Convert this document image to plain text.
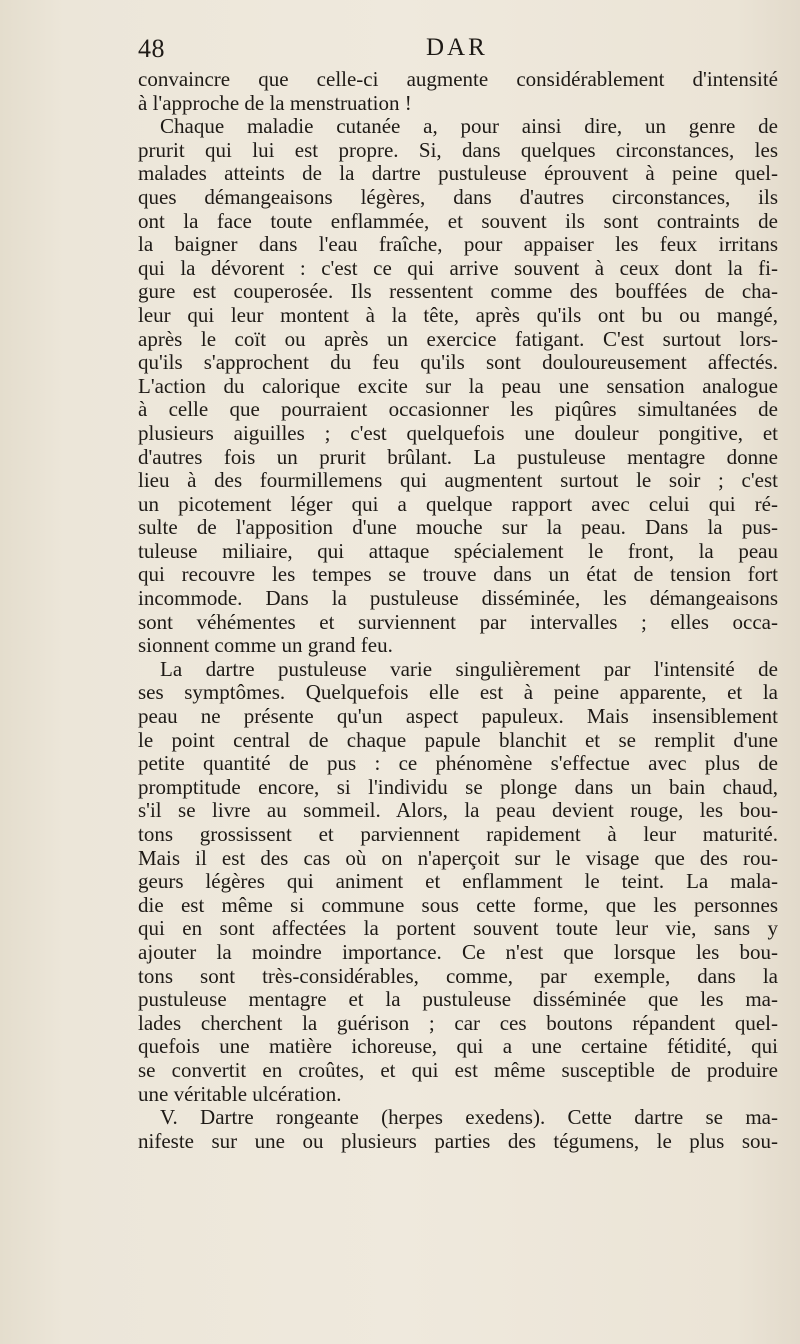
48	DAR
convaincre que celle-ci augmente considérablement d'intensité
à l'approche de la menstruation !
Chaque maladie cutanée a, pour ainsi dire, un genre de
prurit qui lui est propre. Si, dans quelques circonstances, les
malades atteints de la dartre pustuleuse éprouvent à peine quel-
ques démangeaisons légères, dans d'autres circonstances, ils
ont la face toute enflammée, et souvent ils sont contraints de
la baigner dans l'eau fraîche, pour appaiser les feux irritans
qui la dévorent : c'est ce qui arrive souvent à ceux dont la fi-
gure est couperosée. Ils ressentent comme des bouffées de cha-
leur qui leur montent à la tête, après qu'ils ont bu ou mangé,
après le coït ou après un exercice fatigant. C'est surtout lors-
qu'ils s'approchent du feu qu'ils sont douloureusement affectés.
L'action du calorique excite sur la peau une sensation analogue
à celle que pourraient occasionner les piqûres simultanées de
plusieurs aiguilles ; c'est quelquefois une douleur pongitive, et
d'autres fois un prurit brûlant. La pustuleuse mentagre donne
lieu à des fourmillemens qui augmentent surtout le soir ; c'est
un picotement léger qui a quelque rapport avec celui qui ré-
sulte de l'apposition d'une mouche sur la peau. Dans la pus-
tuleuse miliaire, qui attaque spécialement le front, la peau
qui recouvre les tempes se trouve dans un état de tension fort
incommode. Dans la pustuleuse disséminée, les démangeaisons
sont véhémentes et surviennent par intervalles ; elles occa-
sionnent comme un grand feu.
La dartre pustuleuse varie singulièrement par l'intensité de
ses symptômes. Quelquefois elle est à peine apparente, et la
peau ne présente qu'un aspect papuleux. Mais insensiblement
le point central de chaque papule blanchit et se remplit d'une
petite quantité de pus : ce phénomène s'effectue avec plus de
promptitude encore, si l'individu se plonge dans un bain chaud,
s'il se livre au sommeil. Alors, la peau devient rouge, les bou-
tons grossissent et parviennent rapidement à leur maturité.
Mais il est des cas où on n'aperçoit sur le visage que des rou-
geurs légères qui animent et enflamment le teint. La mala-
die est même si commune sous cette forme, que les personnes
qui en sont affectées la portent souvent toute leur vie, sans y
ajouter la moindre importance. Ce n'est que lorsque les bou-
tons sont très-considérables, comme, par exemple, dans la
pustuleuse mentagre et la pustuleuse disséminée que les ma-
lades cherchent la guérison ; car ces boutons répandent quel-
quefois une matière ichoreuse, qui a une certaine fétidité, qui
se convertit en croûtes, et qui est même susceptible de produire
une véritable ulcération.
V. Dartre rongeante (herpes exedens). Cette dartre se ma-
nifeste sur une ou plusieurs parties des tégumens, le plus sou-
